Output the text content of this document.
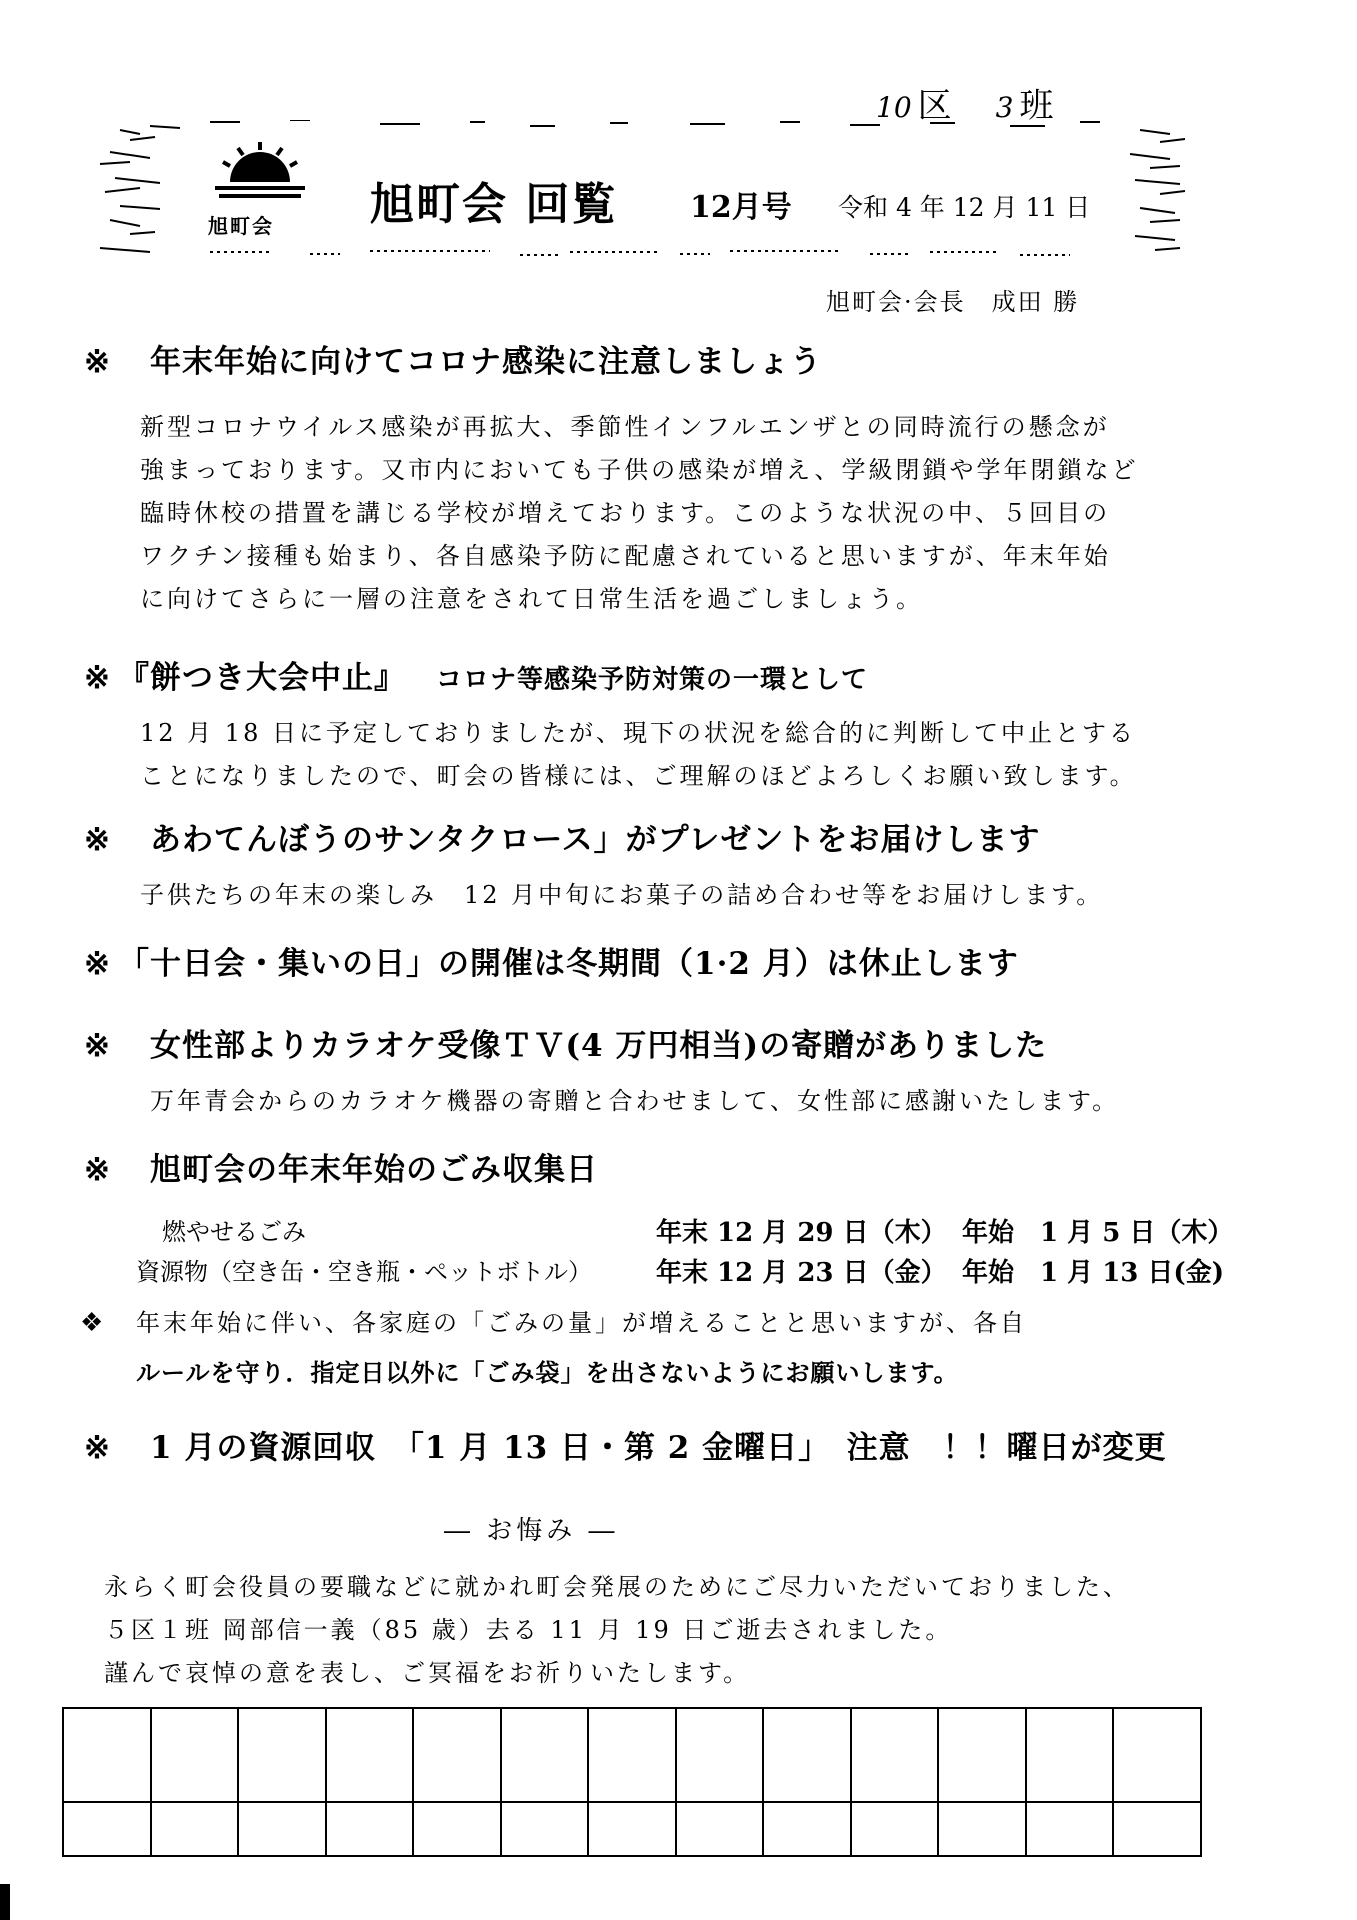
10 区 3 班
旭町会 旭町会 回覧 12月号 令和 4 年 12 月 11 日
旭町会·会長　成田 勝
※ 年末年始に向けてコロナ感染に注意しましょう
新型コロナウイルス感染が再拡大、季節性インフルエンザとの同時流行の懸念が
強まっております。又市内においても子供の感染が増え、学級閉鎖や学年閉鎖など
臨時休校の措置を講じる学校が増えております。このような状況の中、５回目の
ワクチン接種も始まり、各自感染予防に配慮されていると思いますが、年末年始
に向けてさらに一層の注意をされて日常生活を過ごしましょう。
※ 『餅つき大会中止』 コロナ等感染予防対策の一環として
12 月 18 日に予定しておりましたが、現下の状況を総合的に判断して中止とする
ことになりましたので、町会の皆様には、ご理解のほどよろしくお願い致します。
※ あわてんぼうのサンタクロース」がプレゼントをお届けします
子供たちの年末の楽しみ　12 月中旬にお菓子の詰め合わせ等をお届けします。
※ 「十日会・集いの日」の開催は冬期間（1·2 月）は休止します
※ 女性部よりカラオケ受像ＴＶ(4 万円相当)の寄贈がありました
万年青会からのカラオケ機器の寄贈と合わせまして、女性部に感謝いたします。
※ 旭町会の年末年始のごみ収集日
燃やせるごみ	年末 12 月 29 日（木） 年始　1 月 5 日（木）
資源物（空き缶・空き瓶・ペットボトル） 年末 12 月 23 日（金） 年始　1 月 13 日(金)
❖ 年末年始に伴い、各家庭の「ごみの量」が増えることと思いますが、各自
ルールを守り．指定日以外に「ごみ袋」を出さないようにお願いします。
※ 1 月の資源回収　「1 月 13 日・第 2 金曜日」　注意　！！曜日が変更
― お悔み ―
永らく町会役員の要職などに就かれ町会発展のためにご尽力いただいておりました、
５区１班 岡部信一義（85 歳）去る 11 月 19 日ご逝去されました。
謹んで哀悼の意を表し、ご冥福をお祈りいたします。
